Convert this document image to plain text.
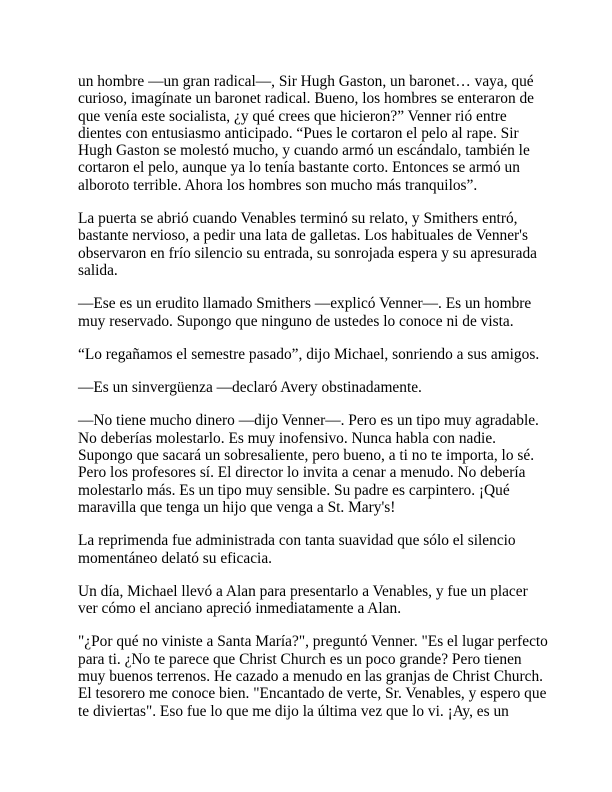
un hombre —un gran radical—, Sir Hugh Gaston, un baronet… vaya, qué curioso, imagínate un baronet radical. Bueno, los hombres se enteraron de que venía este socialista, ¿y qué crees que hicieron?” Venner rió entre dientes con entusiasmo anticipado. “Pues le cortaron el pelo al rape. Sir Hugh Gaston se molestó mucho, y cuando armó un escándalo, también le cortaron el pelo, aunque ya lo tenía bastante corto. Entonces se armó un alboroto terrible. Ahora los hombres son mucho más tranquilos”.

La puerta se abrió cuando Venables terminó su relato, y Smithers entró, bastante nervioso, a pedir una lata de galletas. Los habituales de Venner's observaron en frío silencio su entrada, su sonrojada espera y su apresurada salida.

—Ese es un erudito llamado Smithers —explicó Venner—. Es un hombre muy reservado. Supongo que ninguno de ustedes lo conoce ni de vista.

“Lo regañamos el semestre pasado”, dijo Michael, sonriendo a sus amigos.

—Es un sinvergüenza —declaró Avery obstinadamente.

—No tiene mucho dinero —dijo Venner—. Pero es un tipo muy agradable. No deberías molestarlo. Es muy inofensivo. Nunca habla con nadie. Supongo que sacará un sobresaliente, pero bueno, a ti no te importa, lo sé. Pero los profesores sí. El director lo invita a cenar a menudo. No debería molestarlo más. Es un tipo muy sensible. Su padre es carpintero. ¡Qué maravilla que tenga un hijo que venga a St. Mary's!

La reprimenda fue administrada con tanta suavidad que sólo el silencio momentáneo delató su eficacia.

Un día, Michael llevó a Alan para presentarlo a Venables, y fue un placer ver cómo el anciano apreció inmediatamente a Alan.

"¿Por qué no viniste a Santa María?", preguntó Venner. "Es el lugar perfecto para ti. ¿No te parece que Christ Church es un poco grande? Pero tienen muy buenos terrenos. He cazado a menudo en las granjas de Christ Church. El tesorero me conoce bien. "Encantado de verte, Sr. Venables, y espero que te diviertas". Eso fue lo que me dijo la última vez que lo vi. ¡Ay, es un
